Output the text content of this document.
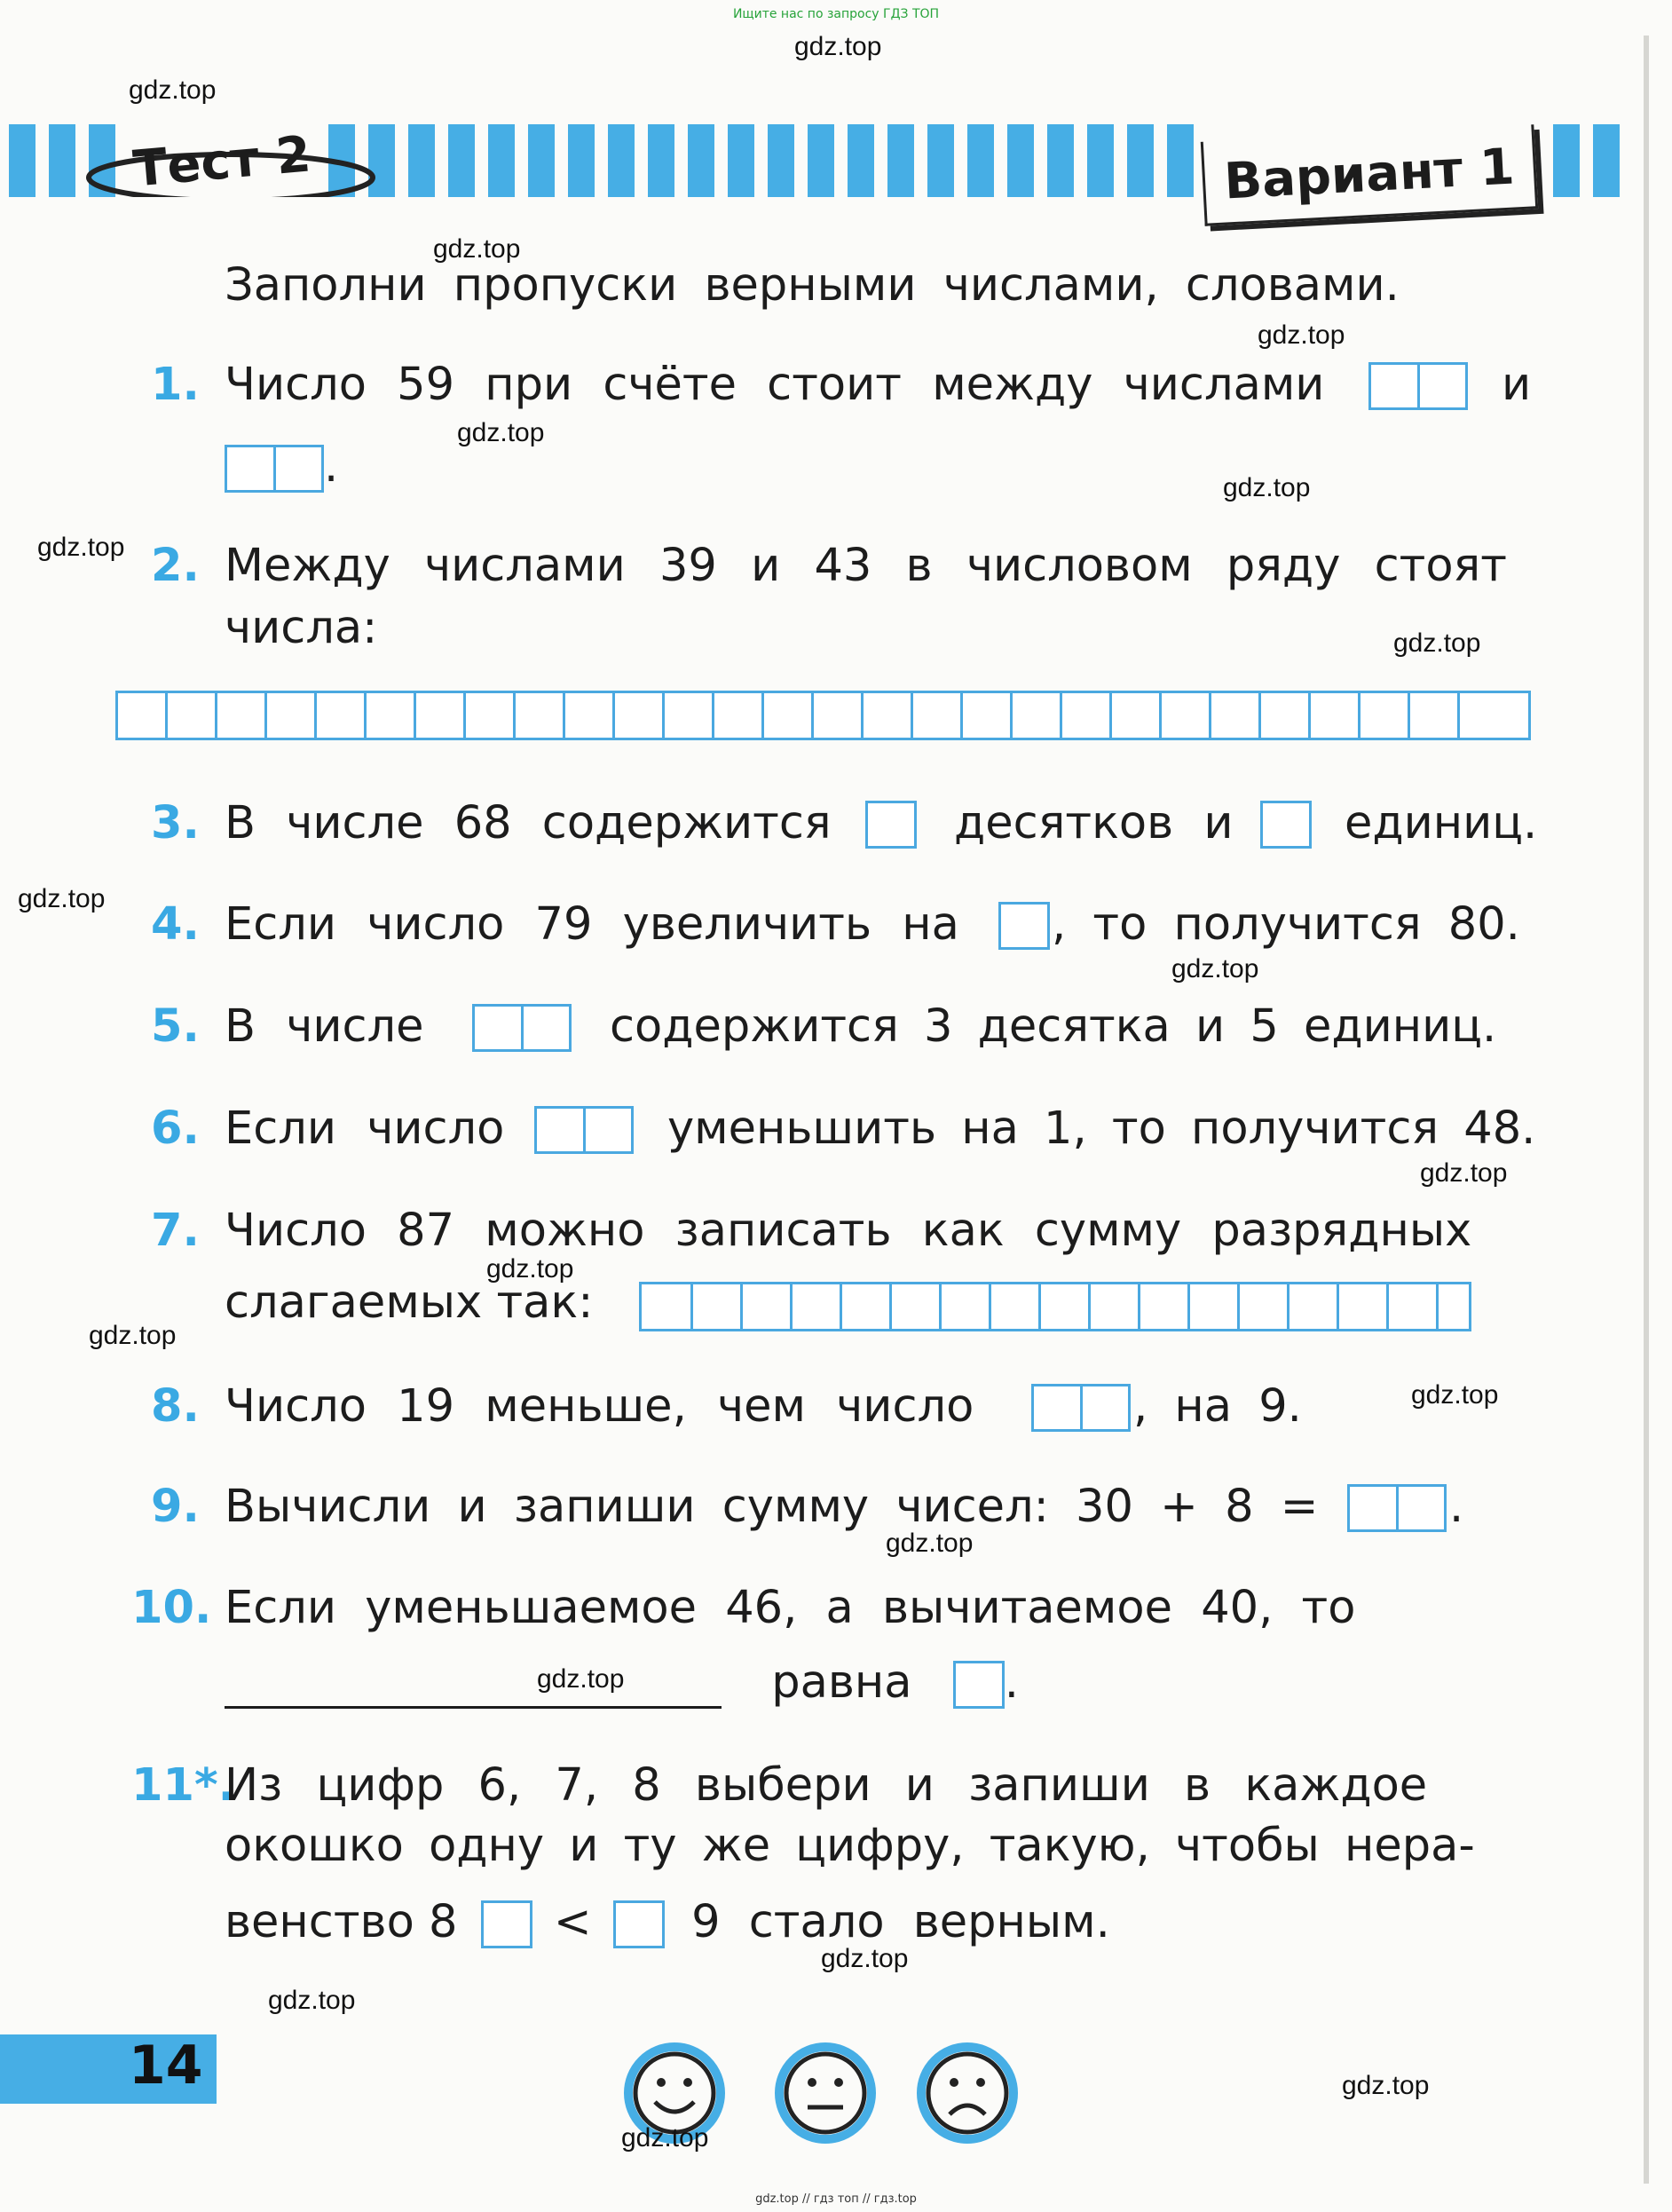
Ищите нас по запросу ГДЗ ТОП
Тест 2	Вариант 1
Заполни пропуски верными числами, словами.
1. Число 59 при счёте стоит между числами	и
.
2. Между числами 39 и 43 в числовом ряду стоят
числа:
3. В числе 68 содержится	десятков и единиц.
4. Если число 79 увеличить на , то получится 80.
5. В числе	содержится 3 десятка и 5 единиц.
6. Если число	уменьшить на 1, то получится 48.
7. Число 87 можно записать как сумму разрядных
слагаемых так:
8. Число 19 меньше, чем число	, на 9.
9. Вычисли и запиши сумму чисел: 30 + 8 =	.
10. Если уменьшаемое 46, а вычитаемое 40, то
равна .
11*.
Из цифр 6, 7, 8 выбери и запиши в каждое
окошко одну и ту же цифру, такую, чтобы нера-
венство 8 < 9 стало верным.
14
gdz.top
gdz.top
gdz.top
gdz.top
gdz.top
gdz.top
gdz.top
gdz.top
gdz.top
gdz.top
gdz.top
gdz.top
gdz.top
gdz.top
gdz.top
gdz.top
gdz.top
gdz.top
gdz.top
gdz.top
gdz.top // гдз топ // гдз.top
